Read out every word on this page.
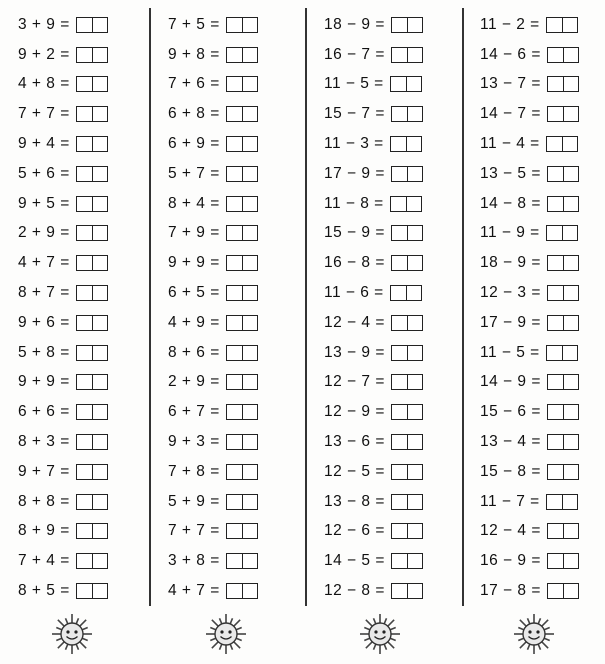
3 + 9 =
9 + 2 =
4 + 8 =
7 + 7 =
9 + 4 =
5 + 6 =
9 + 5 =
2 + 9 =
4 + 7 =
8 + 7 =
9 + 6 =
5 + 8 =
9 + 9 =
6 + 6 =
8 + 3 =
9 + 7 =
8 + 8 =
8 + 9 =
7 + 4 =
8 + 5 =
7 + 5 =
9 + 8 =
7 + 6 =
6 + 8 =
6 + 9 =
5 + 7 =
8 + 4 =
7 + 9 =
9 + 9 =
6 + 5 =
4 + 9 =
8 + 6 =
2 + 9 =
6 + 7 =
9 + 3 =
7 + 8 =
5 + 9 =
7 + 7 =
3 + 8 =
4 + 7 =
18 − 9 =
16 − 7 =
11 − 5 =
15 − 7 =
11 − 3 =
17 − 9 =
11 − 8 =
15 − 9 =
16 − 8 =
11 − 6 =
12 − 4 =
13 − 9 =
12 − 7 =
12 − 9 =
13 − 6 =
12 − 5 =
13 − 8 =
12 − 6 =
14 − 5 =
12 − 8 =
11 − 2 =
14 − 6 =
13 − 7 =
14 − 7 =
11 − 4 =
13 − 5 =
14 − 8 =
11 − 9 =
18 − 9 =
12 − 3 =
17 − 9 =
11 − 5 =
14 − 9 =
15 − 6 =
13 − 4 =
15 − 8 =
11 − 7 =
12 − 4 =
16 − 9 =
17 − 8 =
